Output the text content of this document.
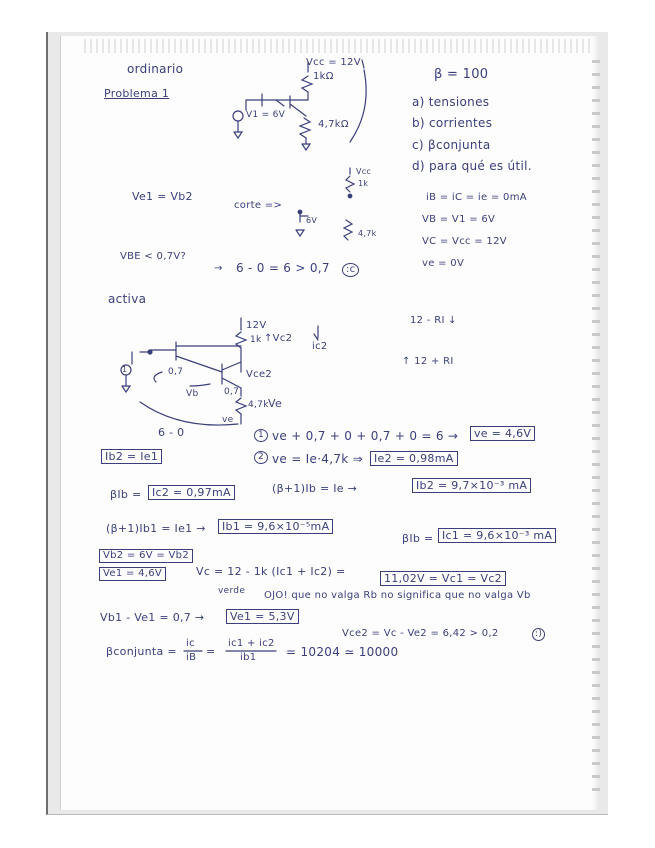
ordinario
Problema 1
Vcc = 12V
1kΩ
V1 = 6V
4,7kΩ
β = 100
a) tensiones
b) corrientes
c) βconjunta
d) para qué es útil.
Ve1 = Vb2
corte =>
Vcc
1k
6V
4,7k
iB = iC = ie = 0mA
VB = V1 = 6V
VC = Vcc = 12V
ve = 0V
VBE < 0,7V?
→ 6 - 0 = 6 > 0,7	:c
activa
12V
1k ↑Vc2
ic2
Vce2
0,7
0,7
Vb
4,7k Ve
ve
6 - 0
1
12 - RI ↓
↑ 12 + RI
1 ve + 0,7 + 0 + 0,7 + 0 = 6 →	ve = 4,6V
Ib2 = Ie1	2 ve = Ie·4,7k ⇒ Ie2 = 0,98mA
βIb = Ic2 = 0,97mA	(β+1)Ib = Ie →	Ib2 = 9,7×10⁻³ mA
(β+1)Ib1 = Ie1 →	Ib1 = 9,6×10⁻⁵mA
βIb = Ic1 = 9,6×10⁻³ mA
Vb2 = 6V = Vb2
Ve1 = 4,6V	Vc = 12 - 1k (Ic1 + Ic2) =
11,02V = Vc1 = Vc2
verde OJO! que no valga Rb no significa que no valga Vb
Vb1 - Ve1 = 0,7 →	Ve1 = 5,3V
Vce2 = Vc - Ve2 = 6,42 > 0,2	:)
βconjunta =
ic
iB =
ic1 + ic2
ib1 = 10204 ≃ 10000
